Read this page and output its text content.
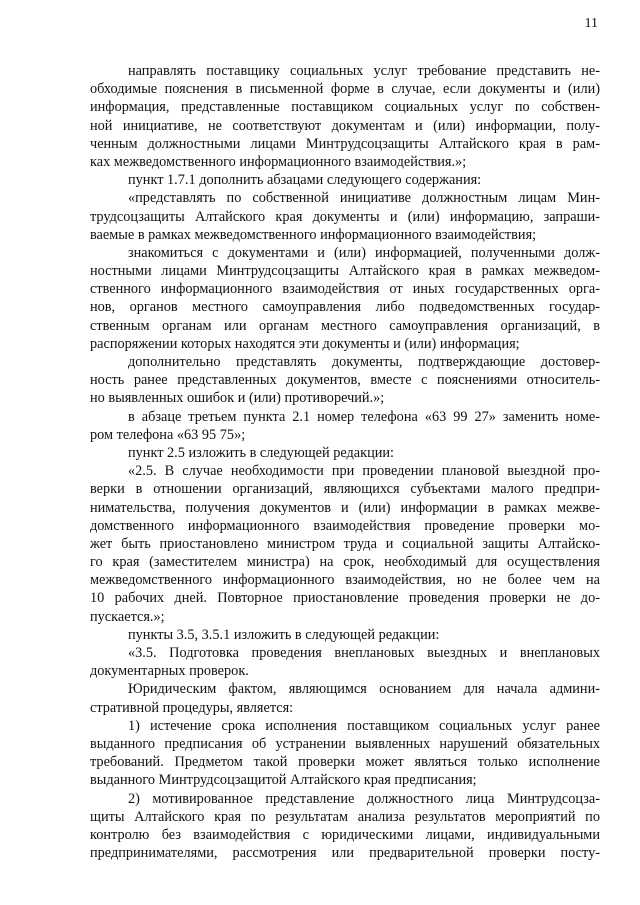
11
направлять поставщику социальных услуг требование представить не-
обходимые пояснения в письменной форме в случае, если документы и (или)
информация, представленные поставщиком социальных услуг по собствен-
ной инициативе, не соответствуют документам и (или) информации, полу-
ченным должностными лицами Минтрудсоцзащиты Алтайского края в рам-
ках межведомственного информационного взаимодействия.»;
пункт 1.7.1 дополнить абзацами следующего содержания:
«представлять по собственной инициативе должностным лицам Мин-
трудсоцзащиты Алтайского края документы и (или) информацию, запраши-
ваемые в рамках межведомственного информационного взаимодействия;
знакомиться с документами и (или) информацией, полученными долж-
ностными лицами Минтрудсоцзащиты Алтайского края в рамках межведом-
ственного информационного взаимодействия от иных государственных орга-
нов, органов местного самоуправления либо подведомственных государ-
ственным органам или органам местного самоуправления организаций, в
распоряжении которых находятся эти документы и (или) информация;
дополнительно представлять документы, подтверждающие достовер-
ность ранее представленных документов, вместе с пояснениями относитель-
но выявленных ошибок и (или) противоречий.»;
в абзаце третьем пункта 2.1 номер телефона «63 99 27» заменить номе-
ром телефона «63 95 75»;
пункт 2.5 изложить в следующей редакции:
«2.5. В случае необходимости при проведении плановой выездной про-
верки в отношении организаций, являющихся субъектами малого предпри-
нимательства, получения документов и (или) информации в рамках межве-
домственного информационного взаимодействия проведение проверки мо-
жет быть приостановлено министром труда и социальной защиты Алтайско-
го края (заместителем министра) на срок, необходимый для осуществления
межведомственного информационного взаимодействия, но не более чем на
10 рабочих дней. Повторное приостановление проведения проверки не до-
пускается.»;
пункты 3.5, 3.5.1 изложить в следующей редакции:
«3.5. Подготовка проведения внеплановых выездных и внеплановых
документарных проверок.
Юридическим фактом, являющимся основанием для начала админи-
стративной процедуры, является:
1) истечение срока исполнения поставщиком социальных услуг ранее
выданного предписания об устранении выявленных нарушений обязательных
требований. Предметом такой проверки может являться только исполнение
выданного Минтрудсоцзащитой Алтайского края предписания;
2) мотивированное представление должностного лица Минтрудсоцза-
щиты Алтайского края по результатам анализа результатов мероприятий по
контролю без взаимодействия с юридическими лицами, индивидуальными
предпринимателями, рассмотрения или предварительной проверки посту-
